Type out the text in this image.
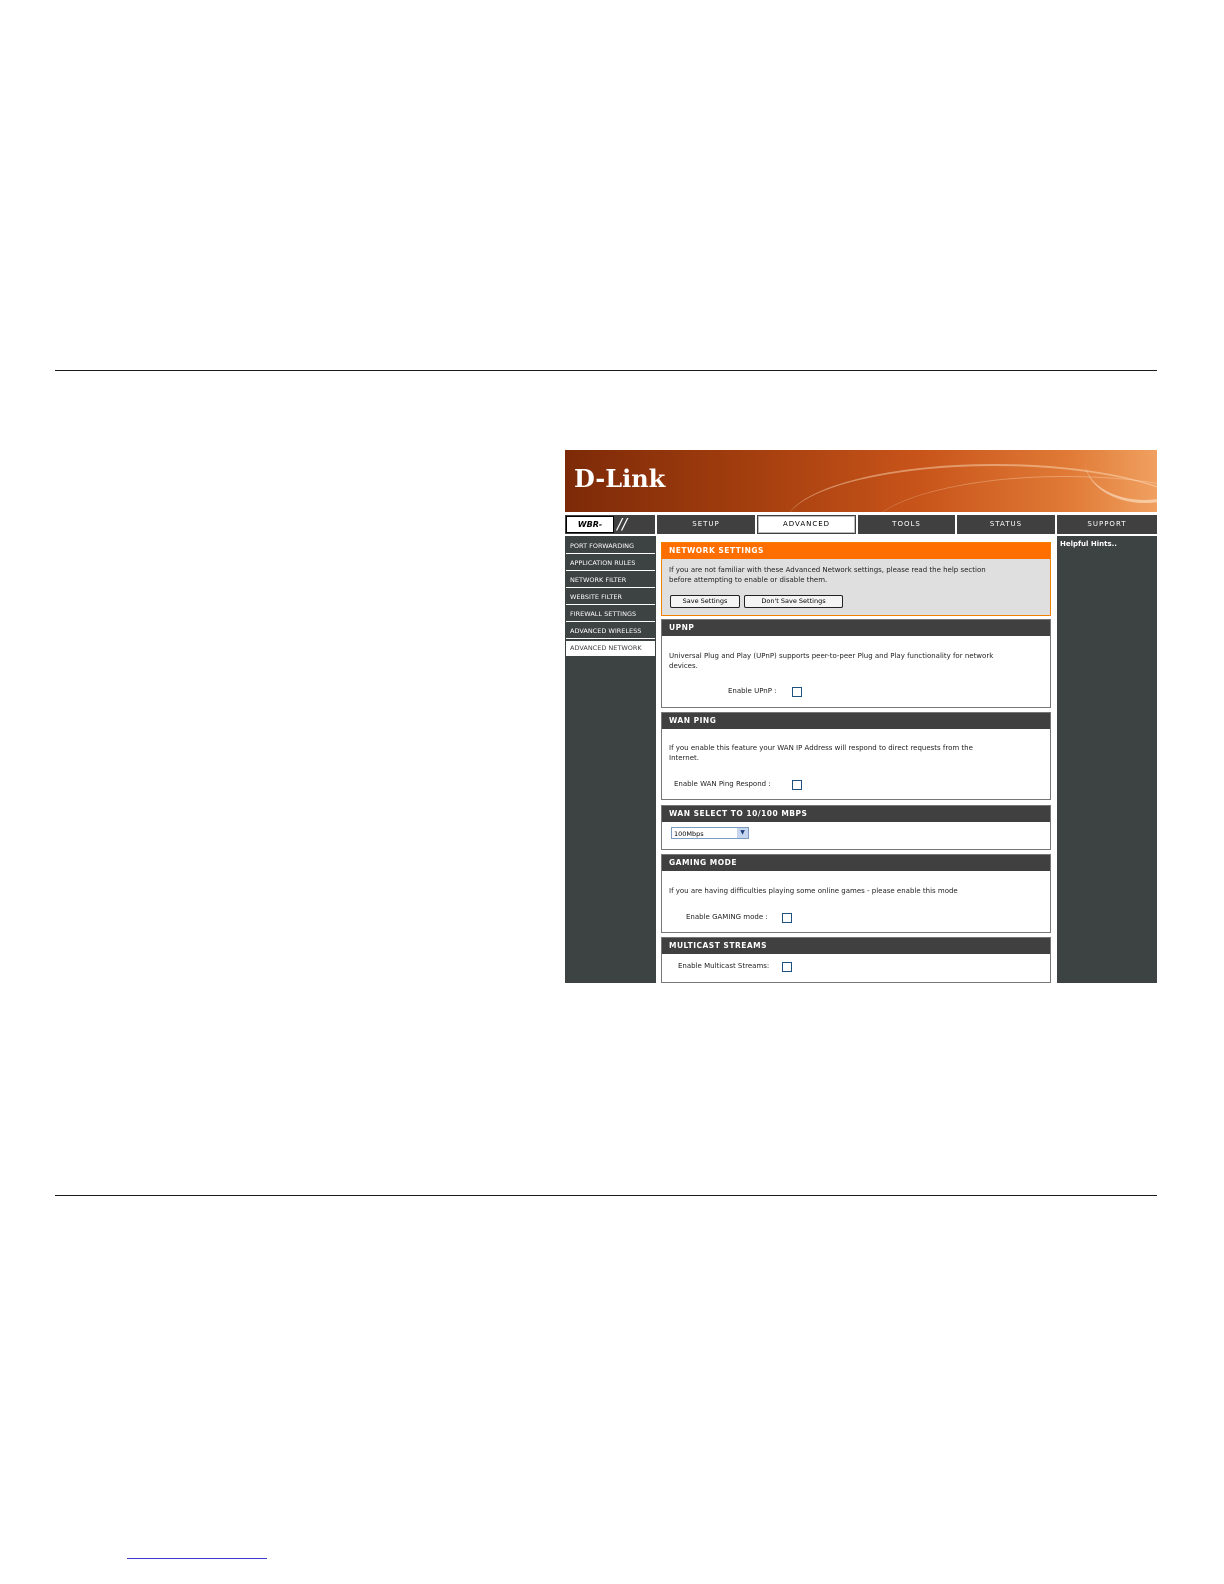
D-Link
WBR- //	SETUP	ADVANCED	TOOLS	STATUS	SUPPORT
PORT FORWARDING
APPLICATION RULES
NETWORK FILTER
WEBSITE FILTER
FIREWALL SETTINGS
ADVANCED WIRELESS
ADVANCED NETWORK
Helpful Hints..
NETWORK SETTINGS
If you are not familiar with these Advanced Network settings, please read the help section
before attempting to enable or disable them.
Save Settings	Don't Save Settings
UPNP
Universal Plug and Play (UPnP) supports peer-to-peer Plug and Play functionality for network
devices.
Enable UPnP :
WAN PING
If you enable this feature your WAN IP Address will respond to direct requests from the
Internet.
Enable WAN Ping Respond :
WAN SELECT TO 10/100 MBPS
100Mbps	▼
GAMING MODE
If you are having difficulties playing some online games - please enable this mode
Enable GAMING mode :
MULTICAST STREAMS
Enable Multicast Streams:
